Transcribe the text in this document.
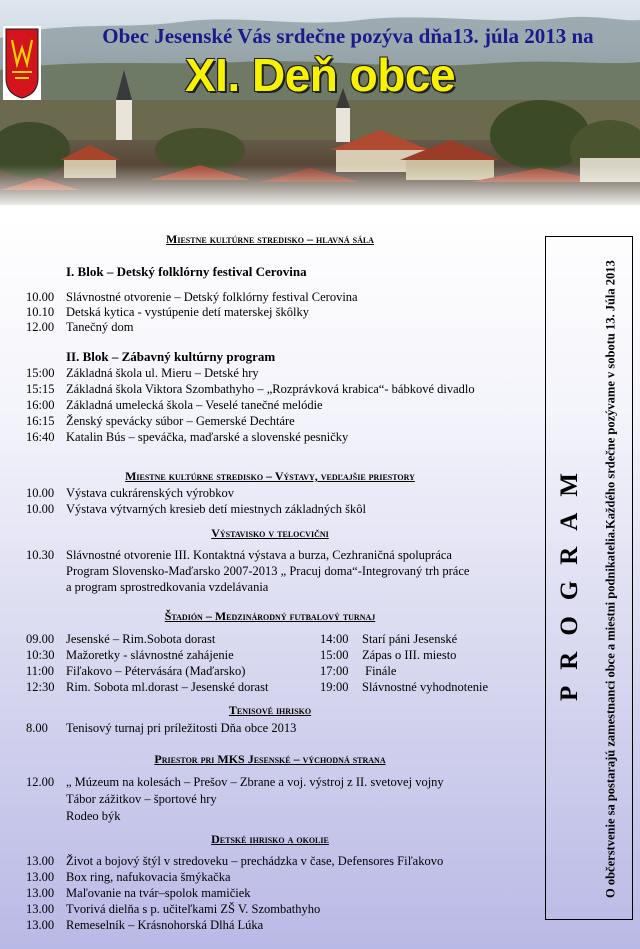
Obec Jesenské Vás srdečne pozýva dňa13. júla 2013 na
XI. Deň obce
Miestne kultúrne stredisko – hlavná sála
I. Blok – Detský folklórny festival Cerovina
10.00 Slávnostné otvorenie – Detský folklórny festival Cerovina
10.10 Detská kytica - vystúpenie detí materskej škôlky
12.00 Tanečný dom
II. Blok – Zábavný kultúrny program
15:00 Základná škola ul. Mieru – Detské hry
15:15 Základná škola Viktora Szombathyho – „Rozprávková krabica“- bábkové divadlo
16:00 Základná umelecká škola – Veselé tanečné melódie
16:15 Ženský spevácky súbor – Gemerské Dechtáre
16:40 Katalin Bús – speváčka, maďarské a slovenské pesničky
Miestne kultúrne stredisko – Výstavy, vedľajšie priestory
10.00 Výstava cukrárenských výrobkov
10.00 Výstava výtvarných kresieb detí miestnych základných škôl
Výstavisko v telocvični
10.30 Slávnostné otvorenie III. Kontaktná výstava a burza, Cezhraničná spolupráca
Program Slovensko-Maďarsko 2007-2013 „ Pracuj doma“-Integrovaný trh práce
a program sprostredkovania vzdelávania
Štadión – Medzinárodný futbalový turnaj
09.00 Jesenské – Rim.Sobota dorast
10:30 Mažoretky - slávnostné zahájenie
11:00 Fiľakovo – Pétervására (Maďarsko)
12:30 Rim. Sobota ml.dorast – Jesenské dorast
14:00 Starí páni Jesenské
15:00 Zápas o III. miesto
17:00 Finále
19:00 Slávnostné vyhodnotenie
Tenisové ihrisko
8.00 Tenisový turnaj pri príležitosti Dňa obce 2013
Priestor pri MKS Jesenské – východná strana
12.00 „ Múzeum na kolesách – Prešov – Zbrane a voj. výstroj z II. svetovej vojny
Tábor zážitkov – športové hry
Rodeo býk
Detské ihrisko a okolie
13.00 Život a bojový štýl v stredoveku – prechádzka v čase, Defensores Fiľakovo
13.00 Box ring, nafukovacia šmýkačka
13.00 Maľovanie na tvár–spolok mamičiek
13.00 Tvorivá dielňa s p. učiteľkami ZŠ V. Szombathyho
13.00 Remeselník – Krásnohorská Dlhá Lúka
PROGRAM	O občerstvenie sa postarajú zamestnanci obce a miestni podnikatelia.

Každého srdečne pozývame v sobotu 13. Júla 2013
